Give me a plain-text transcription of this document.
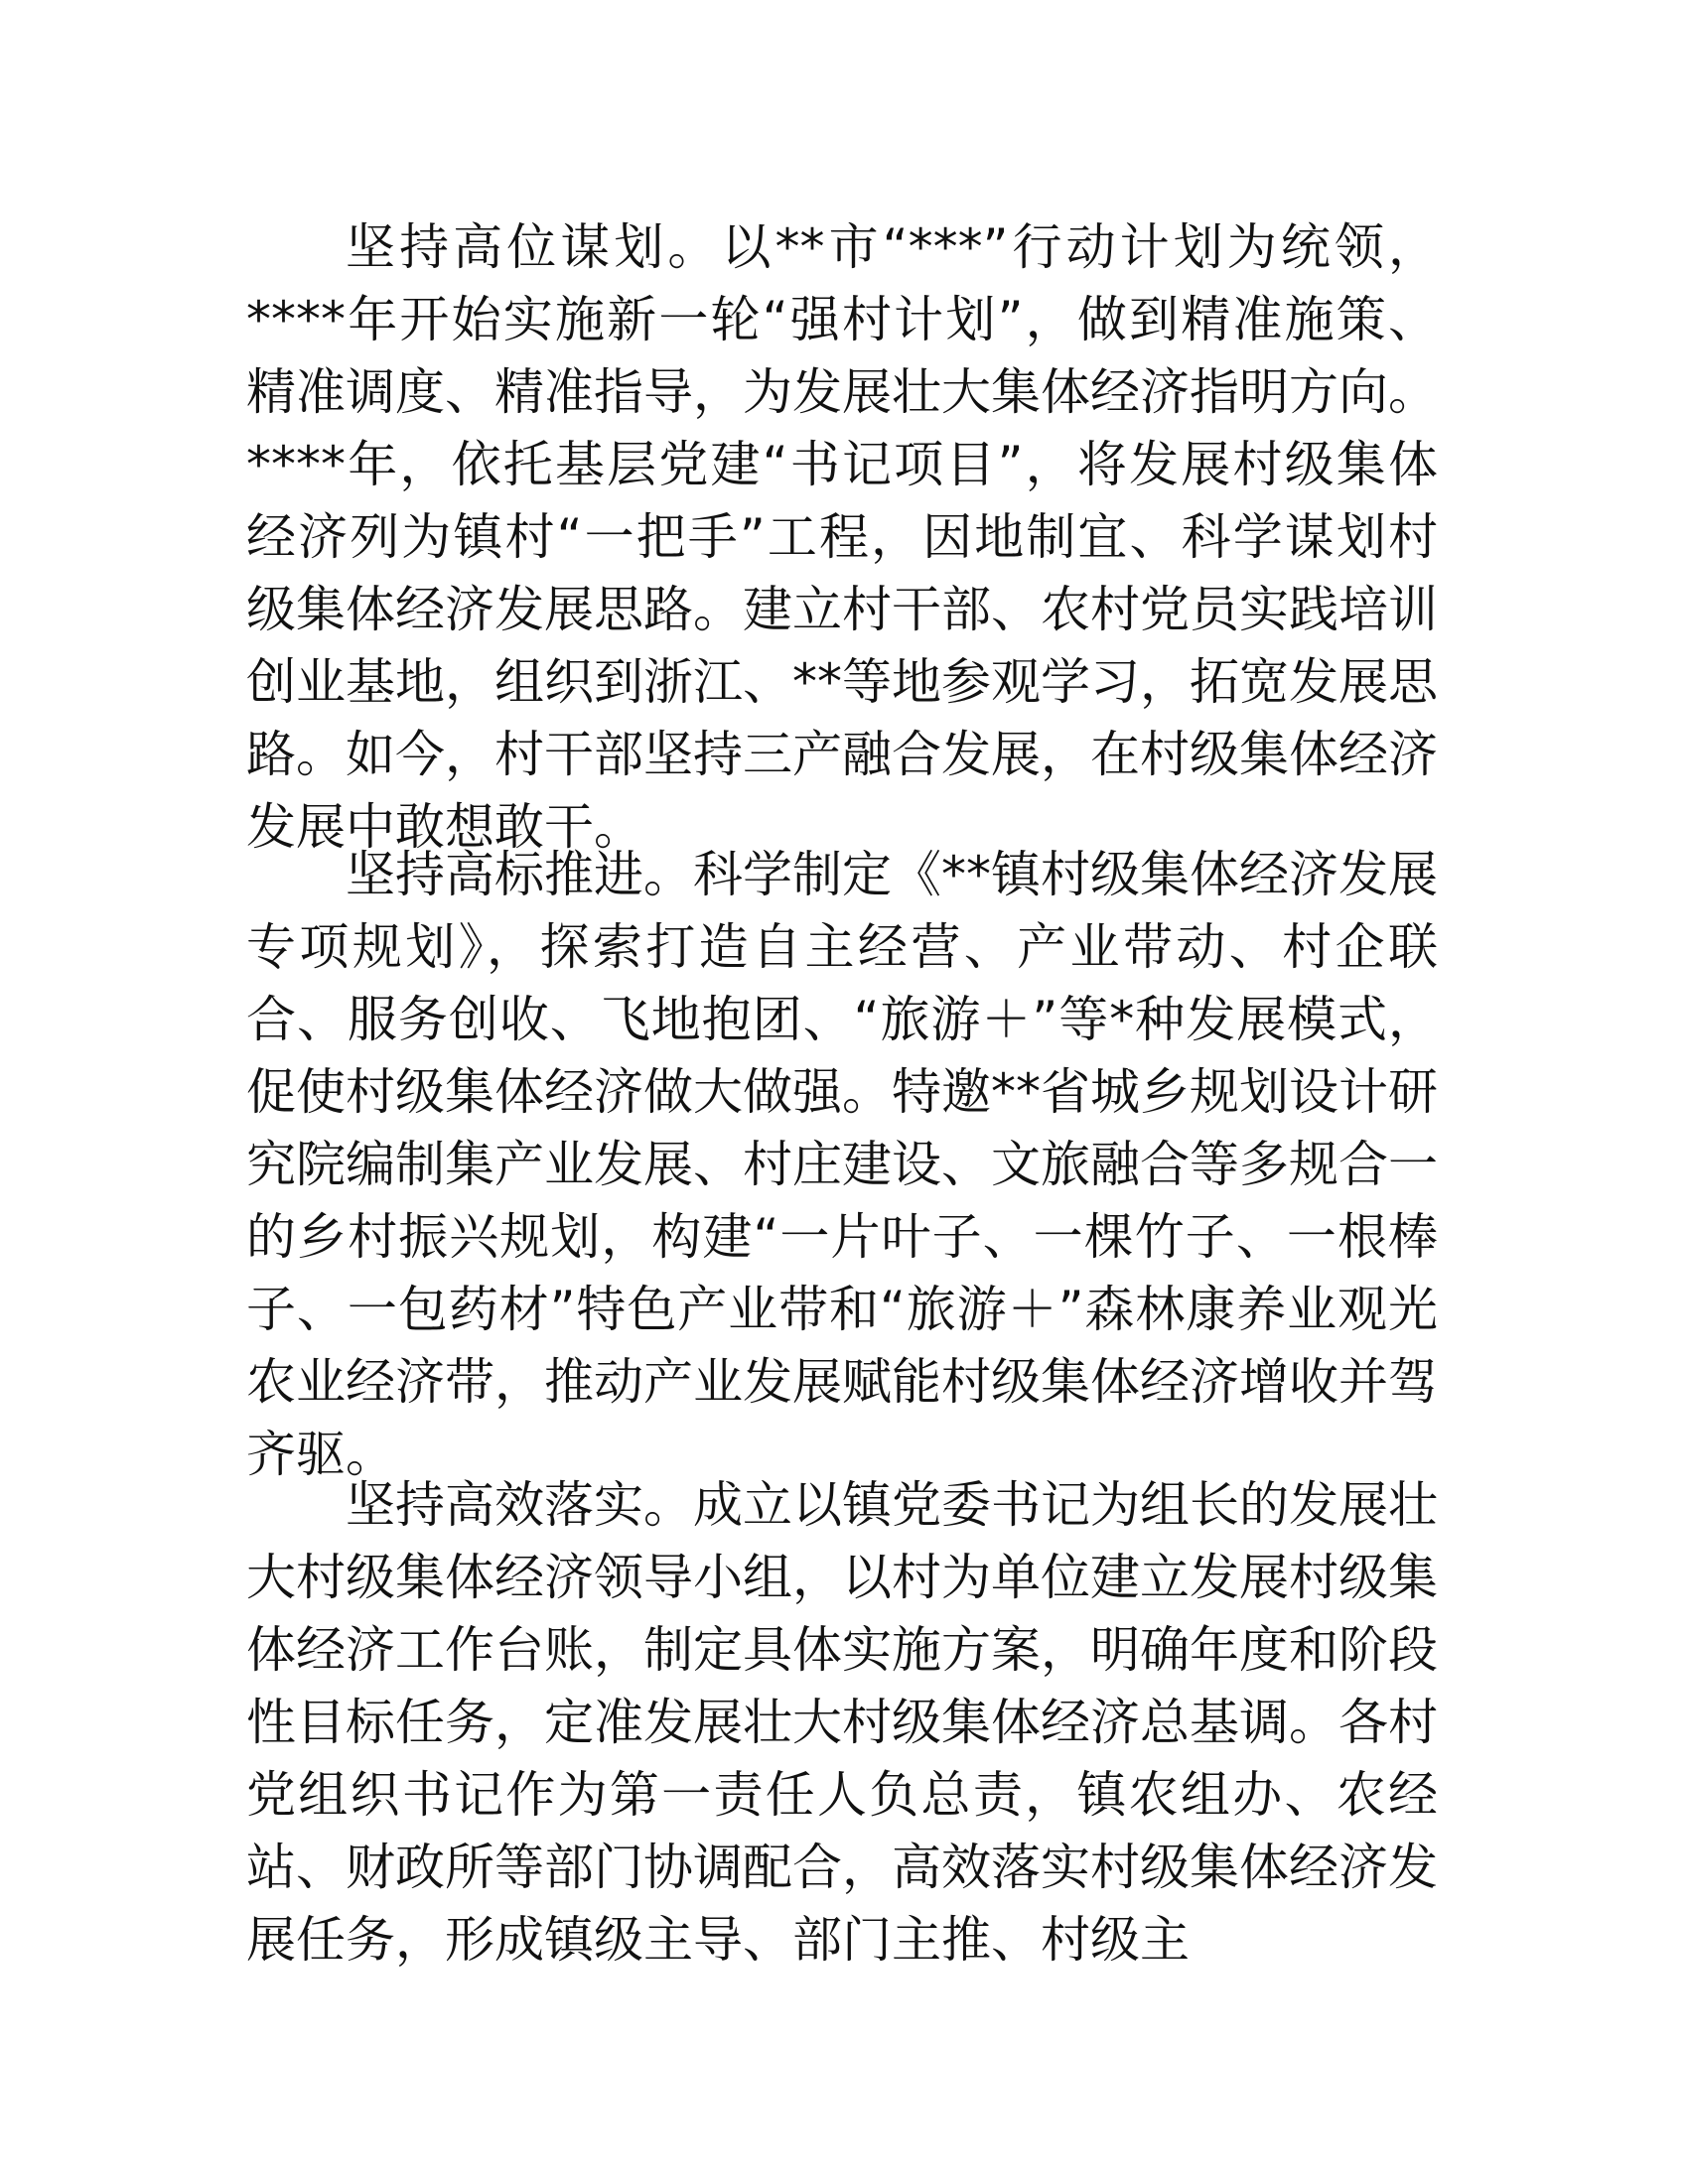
坚持高位谋划。以**市“***”行动计划为统领，****年开始实施新一轮“强村计划”，做到精准施策、精准调度、精准指导，为发展壮大集体经济指明方向。****年，依托基层党建“书记项目”，将发展村级集体经济列为镇村“一把手”工程，因地制宜、科学谋划村级集体经济发展思路。建立村干部、农村党员实践培训创业基地，组织到浙江、**等地参观学习，拓宽发展思路。如今，村干部坚持三产融合发展，在村级集体经济发展中敢想敢干。

坚持高标推进。科学制定《**镇村级集体经济发展专项规划》，探索打造自主经营、产业带动、村企联合、服务创收、飞地抱团、“旅游＋”等*种发展模式，促使村级集体经济做大做强。特邀**省城乡规划设计研究院编制集产业发展、村庄建设、文旅融合等多规合一的乡村振兴规划，构建“一片叶子、一棵竹子、一根棒子、一包药材”特色产业带和“旅游＋”森林康养业观光农业经济带，推动产业发展赋能村级集体经济增收并驾齐驱。

坚持高效落实。成立以镇党委书记为组长的发展壮大村级集体经济领导小组，以村为单位建立发展村级集体经济工作台账，制定具体实施方案，明确年度和阶段性目标任务，定准发展壮大村级集体经济总基调。各村党组织书记作为第一责任人负总责，镇农组办、农经站、财政所等部门协调配合，高效落实村级集体经济发展任务，形成镇级主导、部门主推、村级主
